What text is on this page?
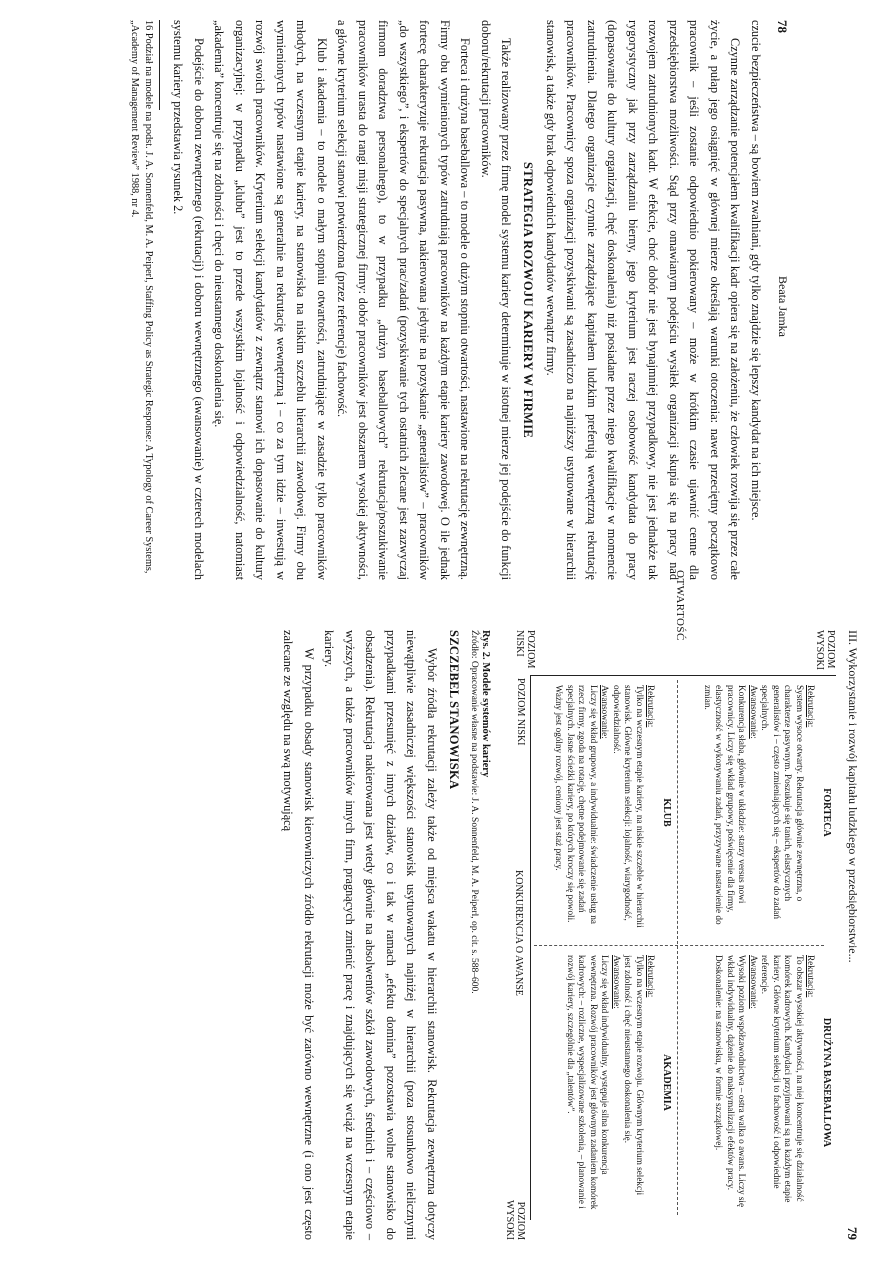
78
Beata Jamka

czucie bezpieczeństwa – są bowiem zwalniani, gdy tylko znajdzie się lepszy kandydat na ich miejsce.

Czynne zarządzanie potencjałem kwalifikacji kadr opiera się na założeniu, że człowiek rozwija się przez całe życie, a pułap jego osiągnięć w głównej mierze określają warunki otoczenia: nawet przeciętny początkowo pracownik – jeśli zostanie odpowiednio pokierowany – może w krótkim czasie ujawnić cenne dla przedsiębiorstwa możliwości. Stąd przy omawianym podejściu wysiłek organizacji skupia się na pracy nad rozwojem zatrudnionych kadr. W efekcie, choć dobór nie jest bynajmniej przypadkowy, nie jest jednakże tak rygorystyczny jak przy zarządzaniu bierny, jego kryterium jest raczej osobowość kandydata do pracy (dopasowanie do kultury organizacji, chęć doskonalenia) niż posiadane przez niego kwalifikacje w momencie zatrudnienia. Dlatego organizacje czynnie zarządzające kapitałem ludzkim preferują wewnętrzną rekrutację pracowników. Pracownicy spoza organizacji pozyskiwani są zasadniczo na najniższy usytuowane w hierarchii stanowisk, a także gdy brak odpowiednich kandydatów wewnątrz firmy.

STRATEGIA ROZWOJU KARIERY W FIRMIE

Także realizowany przez firmę model systemu kariery determinuje w istotnej mierze jej podejście do funkcji doboru/rekrutacji pracowników.

Forteca i drużyna baseballowa – to modele o dużym stopniu otwartości, nastawione na rekrutację zewnętrzną. Firmy obu wymienionych typów zatrudniają pracowników na każdym etapie kariery zawodowej. O ile jednak fortecę charakteryzuje rekrutacja pasywna, nakierowana jedynie na pozyskanie „generalistów” – pracowników „do wszystkiego”, i ekspertów do specjalnych prac/zadań (pozyskiwanie tych ostatnich zlecane jest zazwyczaj firmom doradztwa personalnego), to w przypadku „drużyn baseballowych” rekrutacja/poszukiwanie pracowników urasta do rangi misji strategicznej firmy: dobór pracowników jest obszarem wysokiej aktywności, a główne kryterium selekcji stanowi potwierdzona (przez referencje) fachowość.

Klub i akademia – to modele o małym stopniu otwartości, zatrudniające w zasadzie tylko pracowników młodych, na wczesnym etapie kariery, na stanowiska na niskim szczeblu hierarchii zawodowej. Firmy obu wymienionych typów nastawione są generalnie na rekrutację wewnętrzną i – co za tym idzie – inwestują w rozwój swoich pracowników. Kryterium selekcji kandydatów z zewnątrz stanowi ich dopasowanie do kultury organizacyjnej: w przypadku „klubu” jest to przede wszystkim lojalność i odpowiedzialność, natomiast „akademia” koncentruje się na zdolności i chęci do nieustannego doskonalenia się.

Podejście do doboru zewnętrznego (rekrutacji) i doboru wewnętrznego (awansowanie) w czterech modelach systemu kariery przedstawia rysunek 2.

16 Podział na modele na podst. J. A. Sonnenfeld, M. A. Peiperl, Staffing Policy as Strategic Response: A Typology of Career Systems, „Academy of Management Review” 1988, nr 4.

III. Wykorzystanie i rozwój kapitału ludzkiego w przedsiębiorstwie...
79
POZIOM WYSOKI
POZIOM NISKI
OTWARTOŚĆ
FORTECA
Rekrutacja:
System wysoce otwarty. Rekrutacja głównie zewnętrzna, o charakterze pasywnym. Poszukuje się tanich, elastycznych generalistów i – często zmieniających się – ekspertów do zadań specjalnych.
Awansowanie:
Konkurencja słaba, głównie w układzie: starzy versus nowi pracownicy. Liczy się wkład grupowy, poświęcenie dla firmy, elastyczność w wykonywaniu zadań, przyzywane nastawienie do zmian.
DRUŻYNA BASEBALLOWA
Rekrutacja:
To obszar wysokiej aktywności, na niej koncentruje się działalność komórek kadrowych. Kandydaci przyjmowani są na każdym etapie kariery. Główne kryterium selekcji to fachowość i odpowiednie referencje.
Awansowanie:
Wysoki poziom współzawodnictwa – ostra walka o awans. Liczy się wkład indywidualny, dążenie do maksymalizacji efektów pracy. Doskonalenie: na stanowisku, w formie szczątkowej.
KLUB
Rekrutacja:
Tylko na wczesnym etapie kariery, na niskie szczeble w hierarchii stanowisk. Główne kryterium selekcji: lojalność, wiarygodność, odpowiedzialność.
Awansowanie:
Liczy się wkład grupowy, a indywidualnie: świadczenie usług na rzecz firmy, zgoda na rotację, chętne podejmowanie się zadań specjalnych. Jasne ścieżki kariery, po których kroczy się powoli. Ważny jest ogólny rozwój, ceniony jest staż pracy.
AKADEMIA
Rekrutacja:
Tylko na wczesnym etapie rozwoju. Głównym kryterium selekcji jest zdolność i chęć nieustannego doskonalenia się.
Awansowanie:
Liczy się wkład indywidualny, występuje silna konkurencja wewnętrzna. Rozwój pracowników jest głównym zadaniem komórek kadrowych: – rozliczne, wyspecjalizowane szkolenia, – planowanie i rozwój kariery, szczególnie dla „talentów”.
POZIOM NISKI
KONKURENCJA O AWANSE
POZIOM WYSOKI
Rys. 2. Modele systemów kariery
Źródło: Opracowanie własne na podstawie: J. A. Sonnenfeld, M. A. Peiperl, op. cit. s. 588–600.
SZCZEBEL STANOWISKA

Wybór źródła rekrutacji zależy także od miejsca wakatu w hierarchii stanowisk. Rekrutacja zewnętrzna dotyczy niewątpliwie zasadniczej większości stanowisk usytuowanych najniżej w hierarchii (poza stosunkowo nielicznymi przypadkami przesunięć z innych działów, co i tak w ramach „efektu domina” pozostawia wolne stanowisko do obsadzenia). Rekrutacja nakierowana jest wtedy głównie na absolwentów szkół zawodowych, średnich i – częściowo – wyższych, a także pracowników innych firm, pragnących zmienić pracę i znajdujących się wciąż na wczesnym etapie kariery.

W przypadku obsady stanowisk kierowniczych źródło rekrutacji może być zarówno wewnętrzne (i ono jest często zalecane ze względu na swą motywującą
